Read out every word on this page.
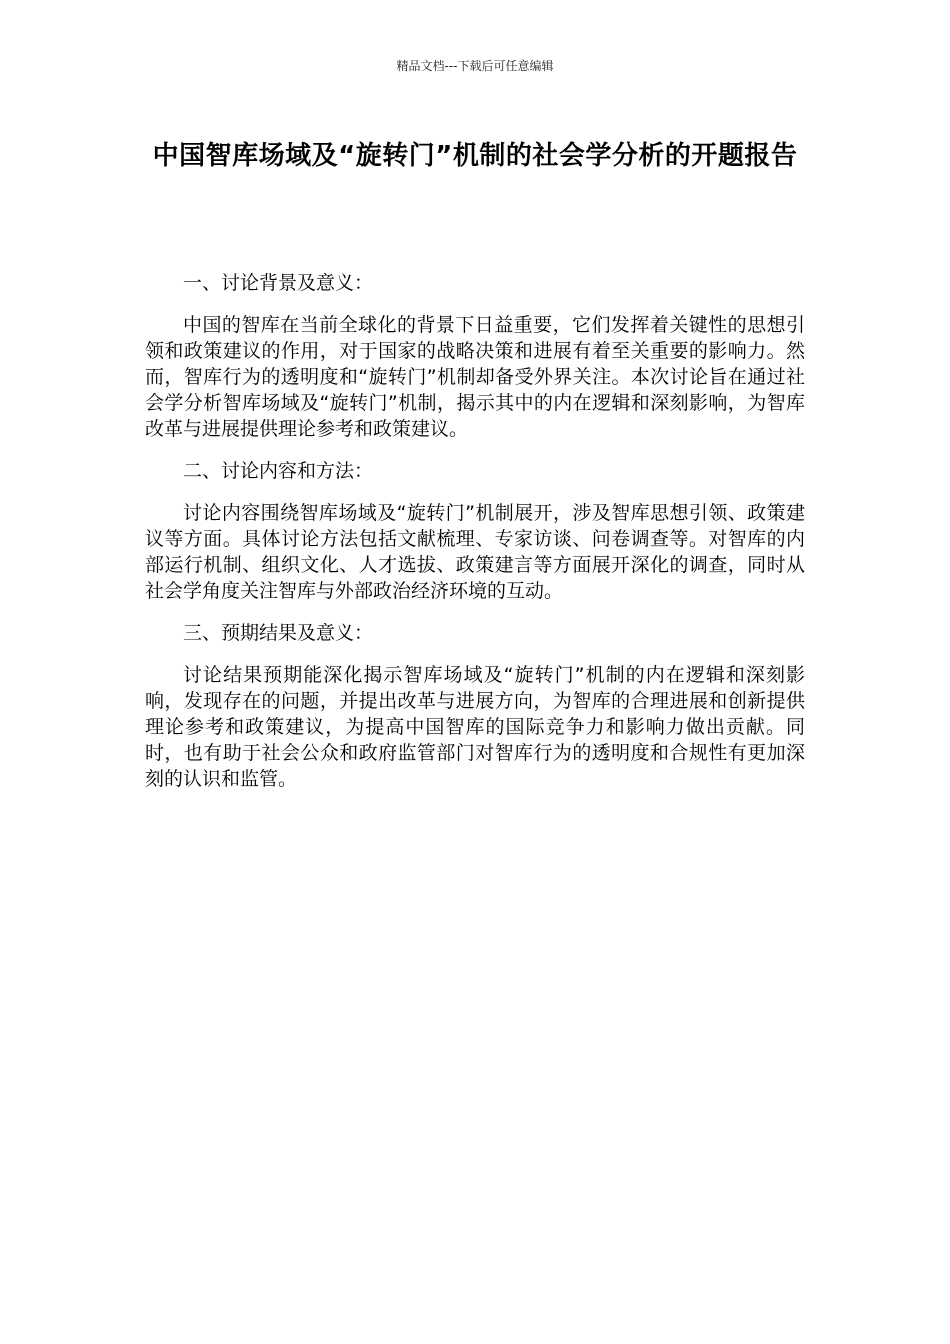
精品文档---下载后可任意编辑
中国智库场域及“旋转门”机制的社会学分析的开题报告

一、讨论背景及意义：

中国的智库在当前全球化的背景下日益重要，它们发挥着关键性的思想引领和政策建议的作用，对于国家的战略决策和进展有着至关重要的影响力。然而，智库行为的透明度和“旋转门”机制却备受外界关注。本次讨论旨在通过社会学分析智库场域及“旋转门”机制，揭示其中的内在逻辑和深刻影响，为智库改革与进展提供理论参考和政策建议。

二、讨论内容和方法：

讨论内容围绕智库场域及“旋转门”机制展开，涉及智库思想引领、政策建议等方面。具体讨论方法包括文献梳理、专家访谈、问卷调查等。对智库的内部运行机制、组织文化、人才选拔、政策建言等方面展开深化的调查，同时从社会学角度关注智库与外部政治经济环境的互动。

三、预期结果及意义：

讨论结果预期能深化揭示智库场域及“旋转门”机制的内在逻辑和深刻影响，发现存在的问题，并提出改革与进展方向，为智库的合理进展和创新提供理论参考和政策建议，为提高中国智库的国际竞争力和影响力做出贡献。同时，也有助于社会公众和政府监管部门对智库行为的透明度和合规性有更加深刻的认识和监管。
